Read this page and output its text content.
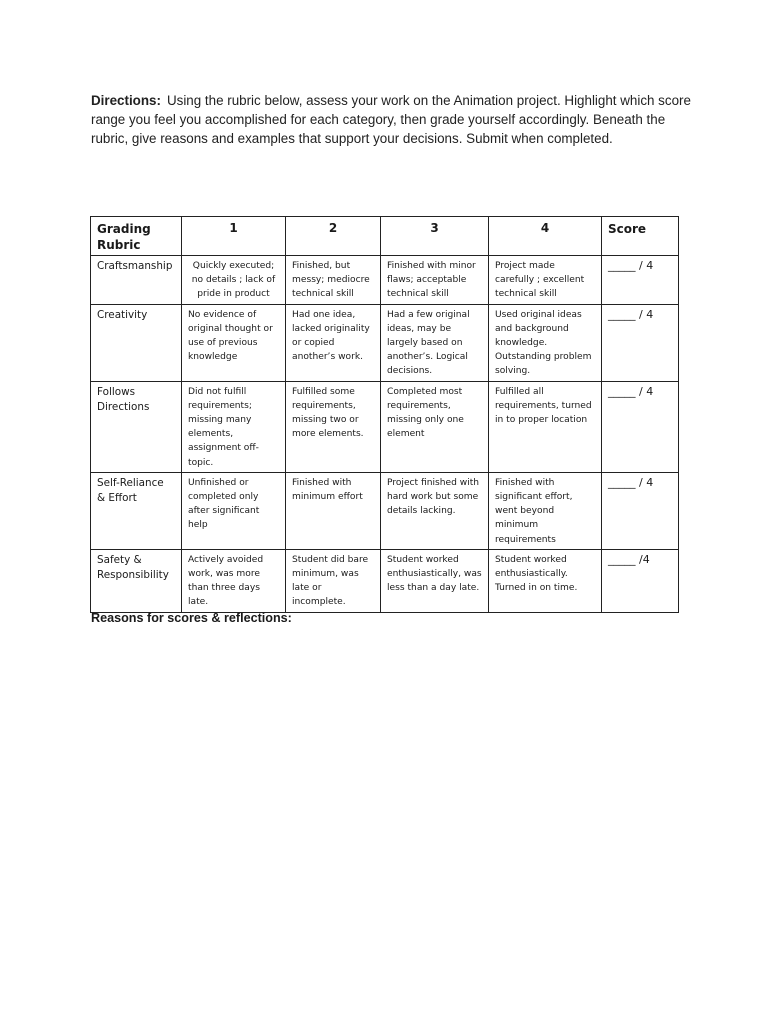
Directions: Using the rubric below, assess your work on the Animation project. Highlight which score range you feel you accomplished for each category, then grade yourself accordingly. Beneath the rubric, give reasons and examples that support your decisions. Submit when completed.
Grading Rubric	1	2	3	4	Score
Craftsmanship	Quickly executed; no details ; lack of pride in product	Finished, but messy; mediocre technical skill	Finished with minor flaws; acceptable technical skill	Project made carefully ; excellent technical skill	_____ / 4
Creativity	No evidence of original thought or use of previous knowledge	Had one idea, lacked originality or copied another’s work.	Had a few original ideas, may be largely based on another’s. Logical decisions.	Used original ideas and background knowledge. Outstanding problem solving.	_____ / 4
Follows Directions	Did not fulfill requirements; missing many elements, assignment off-topic.	Fulfilled some requirements, missing two or more elements.	Completed most requirements, missing only one element	Fulfilled all requirements, turned in to proper location	_____ / 4
Self-Reliance & Effort	Unfinished or completed only after significant help	Finished with minimum effort	Project finished with hard work but some details lacking.	Finished with significant effort, went beyond minimum requirements	_____ / 4
Safety & Responsibility	Actively avoided work, was more than three days late.	Student did bare minimum, was late or incomplete.	Student worked enthusiastically, was less than a day late.	Student worked enthusiastically. Turned in on time.	_____ /4
Reasons for scores & reflections:
